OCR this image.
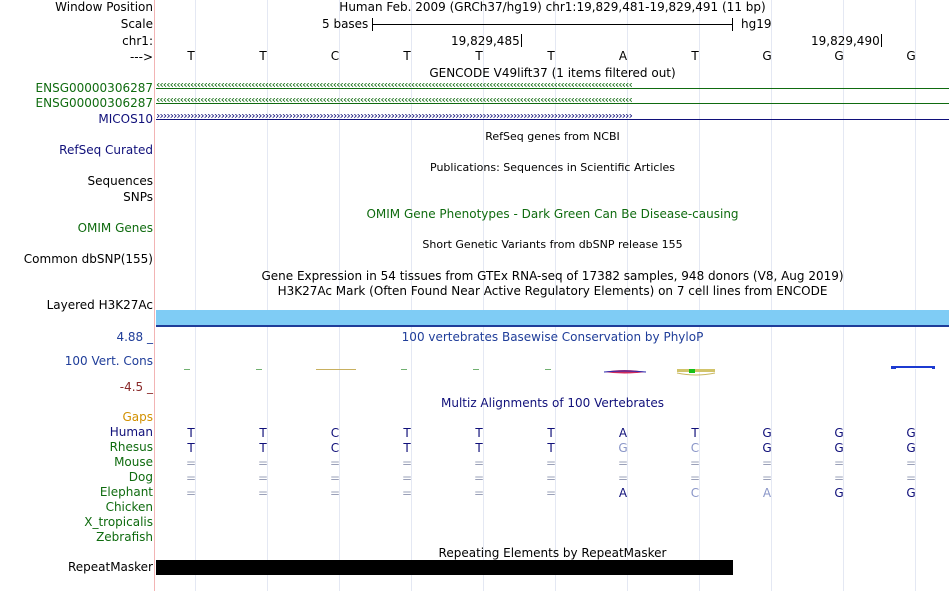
Window Position	Human Feb. 2009 (GRCh37/hg19) chr1:19,829,481-19,829,491 (11 bp)
Scale	5 bases	hg19
chr1:	19,829,485	19,829,490
--->	T	T	C	T	T	T	A	T	G	G	G
GENCODE V49lift37 (1 items filtered out)
ENSG00000306287 ‹‹‹‹‹‹‹‹‹‹‹‹‹‹‹‹‹‹‹‹‹‹‹‹‹‹‹‹‹‹‹‹‹‹‹‹‹‹‹‹‹‹‹‹‹‹‹‹‹‹‹‹‹‹‹‹‹‹‹‹‹‹‹‹‹‹‹‹‹‹‹‹‹‹‹‹‹‹‹‹‹‹‹‹‹‹‹‹‹‹‹‹‹‹‹‹‹‹‹‹‹‹‹‹‹‹‹‹‹‹‹‹‹‹‹‹‹‹‹‹‹‹‹‹‹‹‹‹‹‹‹‹‹‹‹‹‹‹‹‹
ENSG00000306287 ‹‹‹‹‹‹‹‹‹‹‹‹‹‹‹‹‹‹‹‹‹‹‹‹‹‹‹‹‹‹‹‹‹‹‹‹‹‹‹‹‹‹‹‹‹‹‹‹‹‹‹‹‹‹‹‹‹‹‹‹‹‹‹‹‹‹‹‹‹‹‹‹‹‹‹‹‹‹‹‹‹‹‹‹‹‹‹‹‹‹‹‹‹‹‹‹‹‹‹‹‹‹‹‹‹‹‹‹‹‹‹‹‹‹‹‹‹‹‹‹‹‹‹‹‹‹‹‹‹‹‹‹‹‹‹‹‹‹‹‹
MICOS10 ››››››››››››››››››››››››››››››››››››››››››››››››››››››››››››››››››››››››››››››››››››››››››››››››››››››››››››››››››››››››››››››››››››››››››››
RefSeq genes from NCBI
RefSeq Curated
Publications: Sequences in Scientific Articles
Sequences
SNPs
OMIM Gene Phenotypes - Dark Green Can Be Disease-causing
OMIM Genes
Short Genetic Variants from dbSNP release 155
Common dbSNP(155)
Gene Expression in 54 tissues from GTEx RNA-seq of 17382 samples, 948 donors (V8, Aug 2019)
H3K27Ac Mark (Often Found Near Active Regulatory Elements) on 7 cell lines from ENCODE
Layered H3K27Ac
4.88 _	100 vertebrates Basewise Conservation by PhyloP
100 Vert. Cons
-4.5 _
Multiz Alignments of 100 Vertebrates
Gaps
Human	T	T	C	T	T	T	A	T	G	G	G
Rhesus	T	T	C	T	T	T	G	C	G	G	G
Mouse	=	=	=	=	=	=	=	=	=	=	=
Dog	=	=	=	=	=	=	=	=	=	=	=
Elephant	=	=	=	=	=	=	A	C	A	G	G
Chicken
X_tropicalis
Zebrafish
Repeating Elements by RepeatMasker
RepeatMasker
